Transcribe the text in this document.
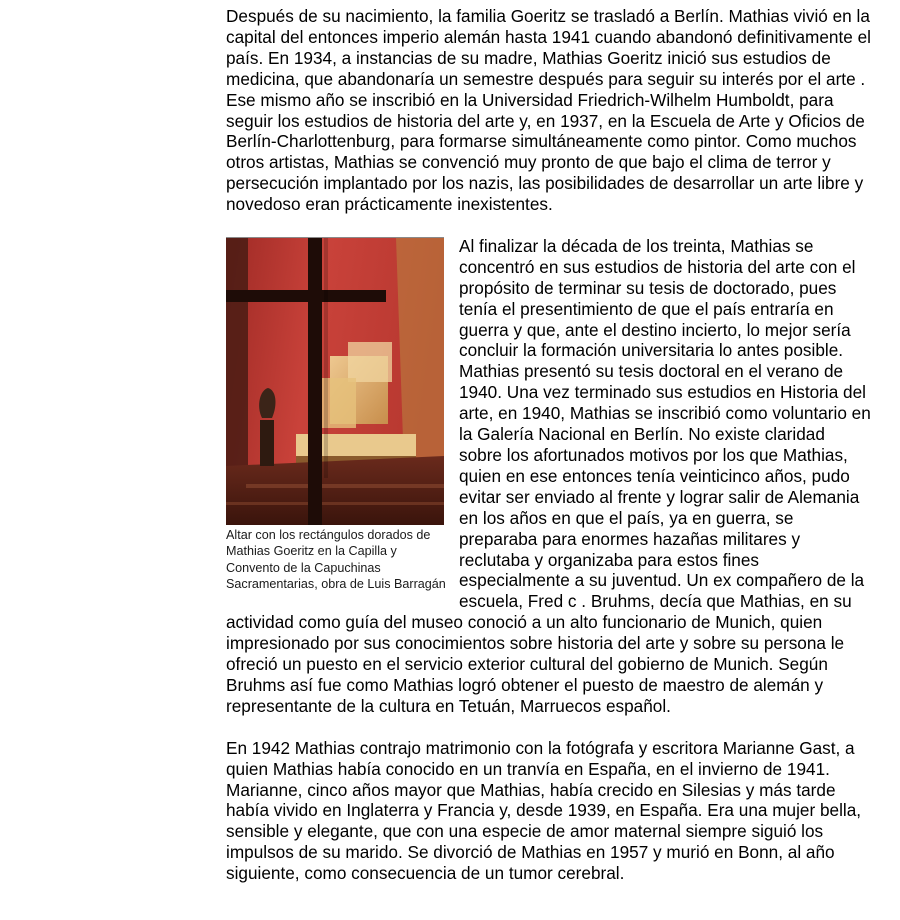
Después de su nacimiento, la familia Goeritz se trasladó a Berlín. Mathias vivió en la capital del entonces imperio alemán hasta 1941 cuando abandonó definitivamente el país. En 1934, a instancias de su madre, Mathias Goeritz inició sus estudios de medicina, que abandonaría un semestre después para seguir su interés por el arte . Ese mismo año se inscribió en la Universidad Friedrich-Wilhelm Humboldt, para seguir los estudios de historia del arte y, en 1937, en la Escuela de Arte y Oficios de Berlín-Charlottenburg, para formarse simultáneamente como pintor. Como muchos otros artistas, Mathias se convenció muy pronto de que bajo el clima de terror y persecución implantado por los nazis, las posibilidades de desarrollar un arte libre y novedoso eran prácticamente inexistentes.

Altar con los rectángulos dorados de Mathias Goeritz en la Capilla y Convento de la Capuchinas Sacramentarias, obra de Luis Barragán

Al finalizar la década de los treinta, Mathias se concentró en sus estudios de historia del arte con el propósito de terminar su tesis de doctorado, pues tenía el presentimiento de que el país entraría en guerra y que, ante el destino incierto, lo mejor sería concluir la formación universitaria lo antes posible. Mathias presentó su tesis doctoral en el verano de 1940. Una vez terminado sus estudios en Historia del arte, en 1940, Mathias se inscribió como voluntario en la Galería Nacional en Berlín. No existe claridad sobre los afortunados motivos por los que Mathias, quien en ese entonces tenía veinticinco años, pudo evitar ser enviado al frente y lograr salir de Alemania en los años en que el país, ya en guerra, se preparaba para enormes hazañas militares y reclutaba y organizaba para estos fines especialmente a su juventud. Un ex compañero de la escuela, Fred c . Bruhms, decía que Mathias, en su actividad como guía del museo conoció a un alto funcionario de Munich, quien impresionado por sus conocimientos sobre historia del arte y sobre su persona le ofreció un puesto en el servicio exterior cultural del gobierno de Munich. Según Bruhms así fue como Mathias logró obtener el puesto de maestro de alemán y representante de la cultura en Tetuán, Marruecos español.

En 1942 Mathias contrajo matrimonio con la fotógrafa y escritora Marianne Gast, a quien Mathias había conocido en un tranvía en España, en el invierno de 1941. Marianne, cinco años mayor que Mathias, había crecido en Silesias y más tarde había vivido en Inglaterra y Francia y, desde 1939, en España. Era una mujer bella, sensible y elegante, que con una especie de amor maternal siempre siguió los impulsos de su marido. Se divorció de Mathias en 1957 y murió en Bonn, al año siguiente, como consecuencia de un tumor cerebral.
